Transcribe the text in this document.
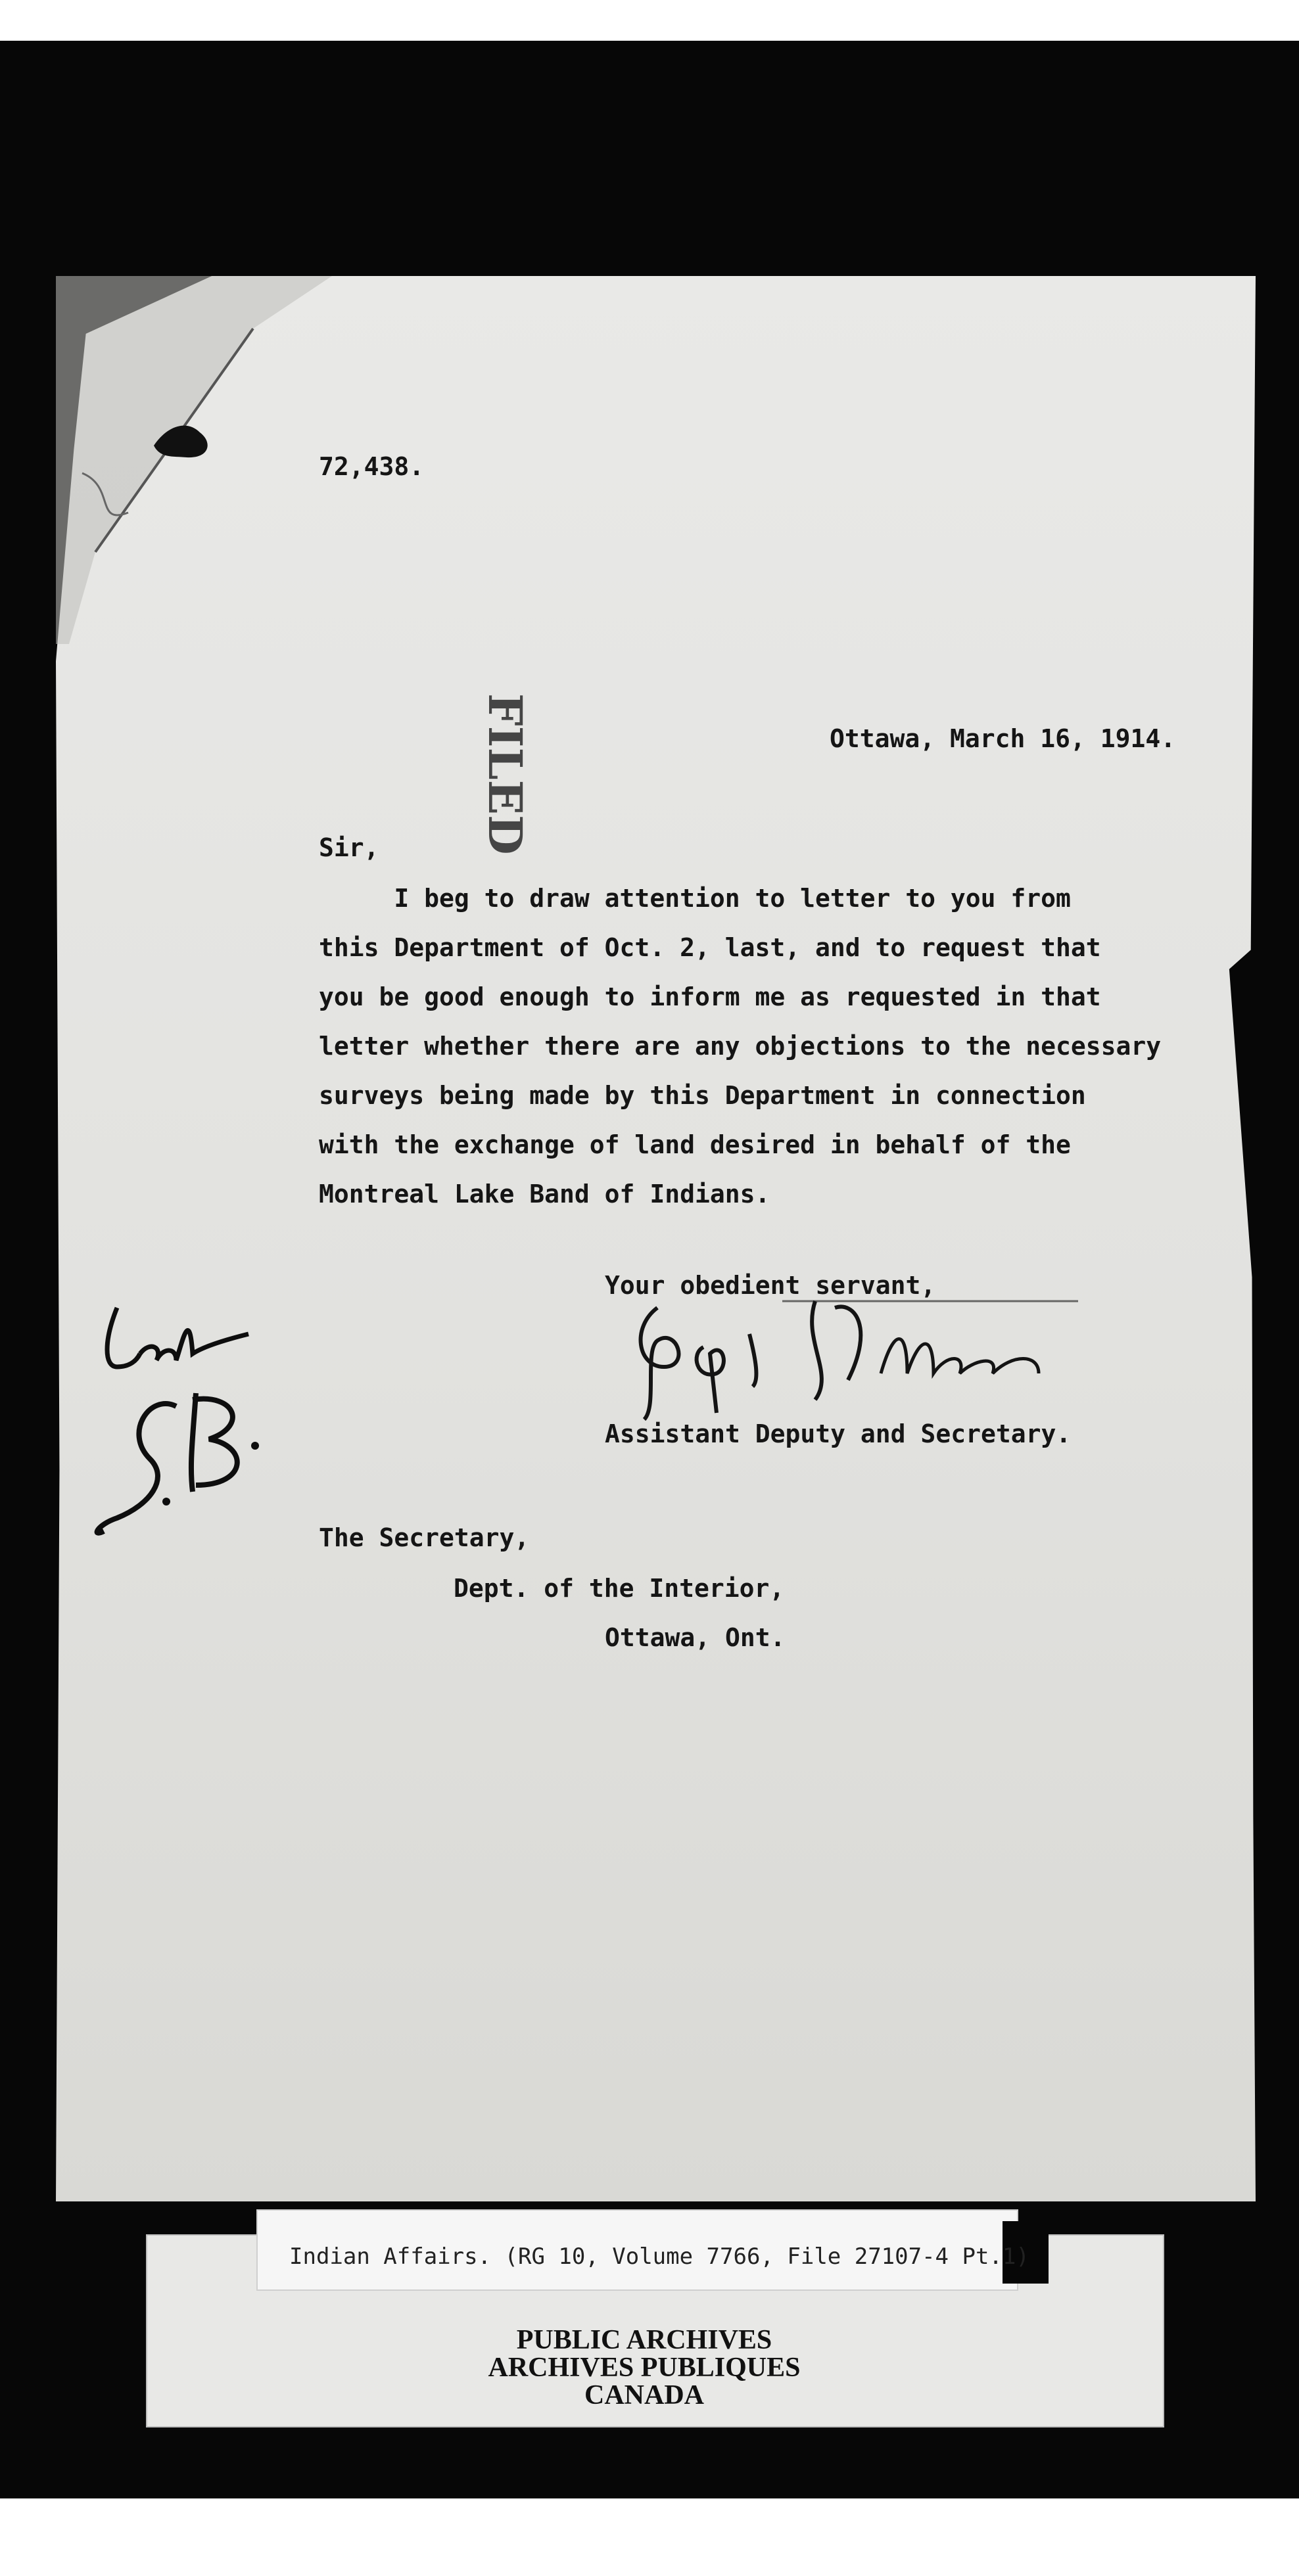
72,438.
FILED	Ottawa, March 16, 1914.
Sir,
I beg to draw attention to letter to you from
this Department of Oct. 2, last, and to request that
you be good enough to inform me as requested in that
letter whether there are any objections to the necessary
surveys being made by this Department in connection
with the exchange of land desired in behalf of the
Montreal Lake Band of Indians.
Your obedient servant,
Assistant Deputy and Secretary.
The Secretary,
Dept. of the Interior,
Ottawa, Ont.
Indian Affairs. (RG 10, Volume 7766, File 27107-4 Pt.1)
PUBLIC ARCHIVES
ARCHIVES PUBLIQUES
CANADA
